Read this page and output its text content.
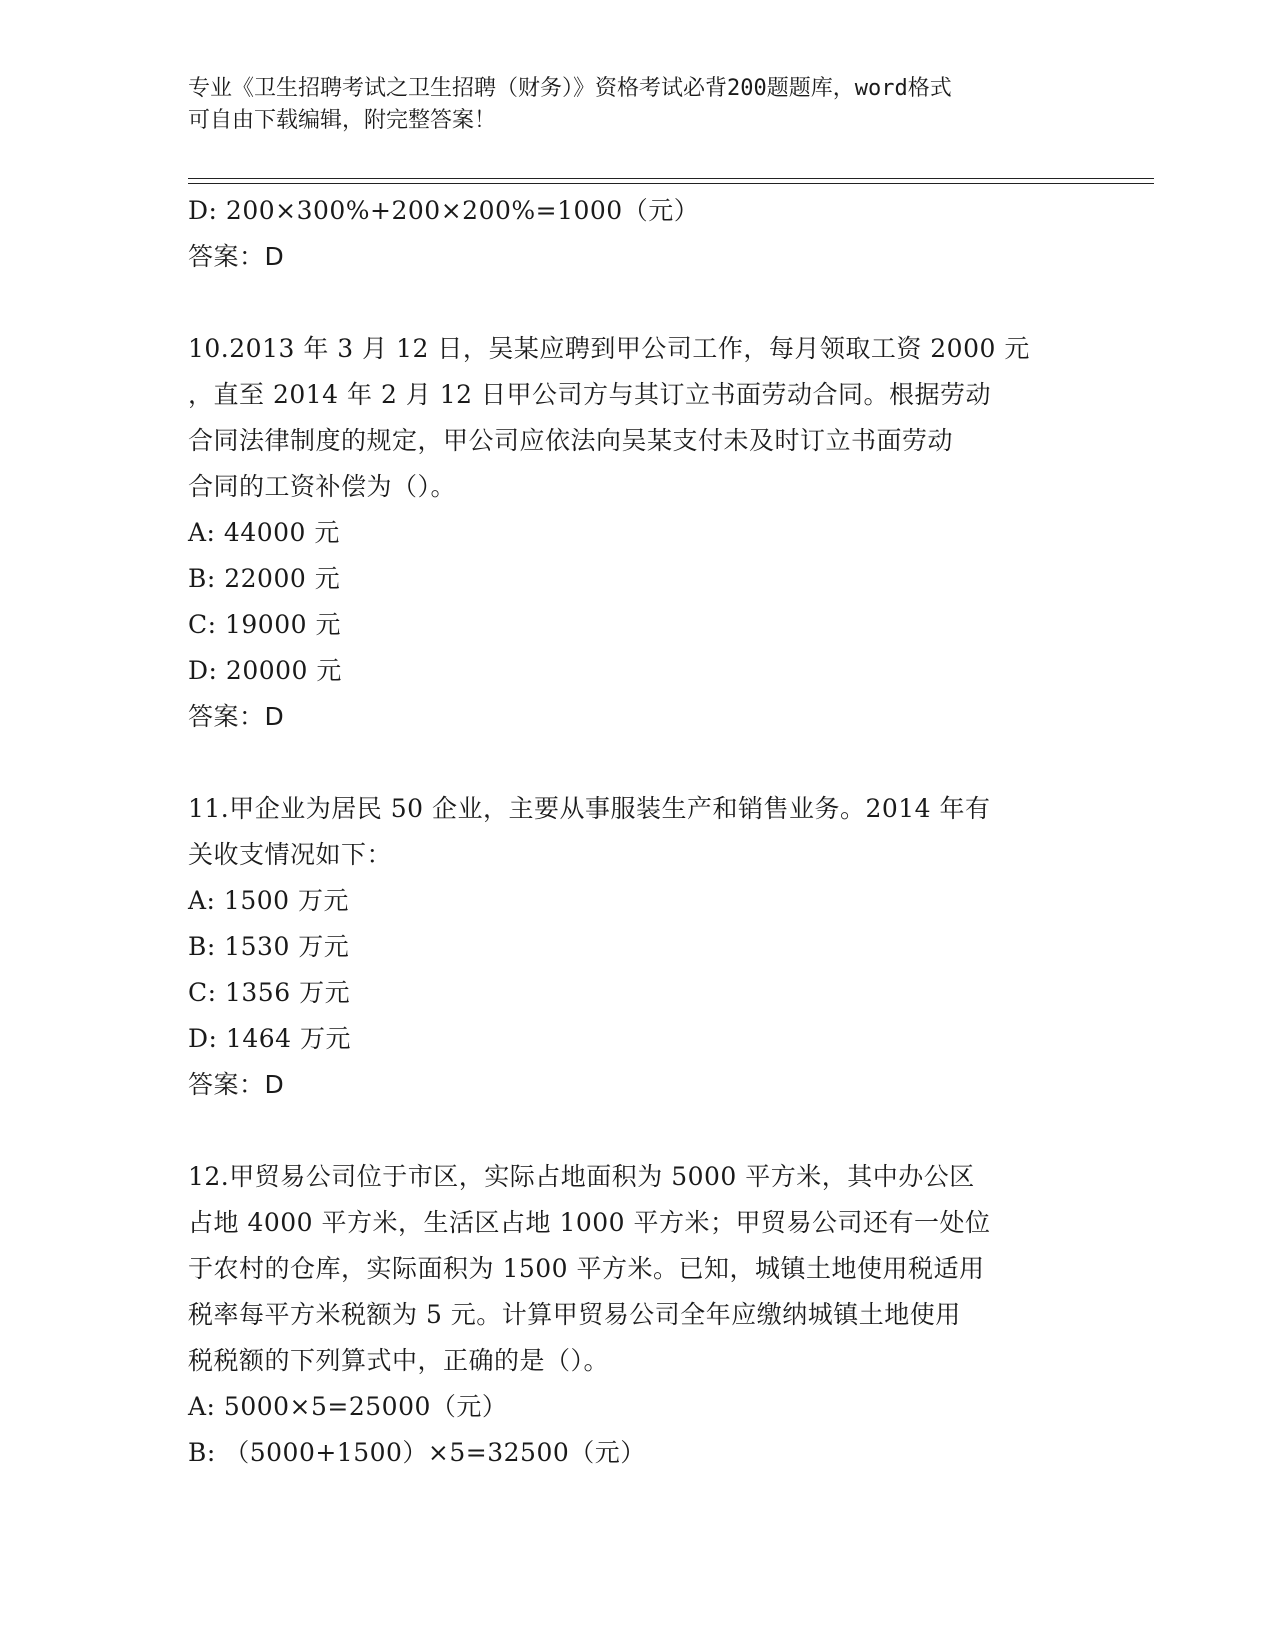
专业《卫生招聘考试之卫生招聘（财务）》资格考试必背200题题库，word格式
可自由下载编辑，附完整答案！
D: 200×300%+200×200%=1000（元）
答案：D
10.2013 年 3 月 12 日，吴某应聘到甲公司工作，每月领取工资 2000 元
，直至 2014 年 2 月 12 日甲公司方与其订立书面劳动合同。根据劳动
合同法律制度的规定，甲公司应依法向吴某支付未及时订立书面劳动
合同的工资补偿为（）。
A: 44000 元
B: 22000 元
C: 19000 元
D: 20000 元
答案：D
11.甲企业为居民 50 企业，主要从事服装生产和销售业务。2014 年有
关收支情况如下：
A: 1500 万元
B: 1530 万元
C: 1356 万元
D: 1464 万元
答案：D
12.甲贸易公司位于市区，实际占地面积为 5000 平方米，其中办公区
占地 4000 平方米，生活区占地 1000 平方米；甲贸易公司还有一处位
于农村的仓库，实际面积为 1500 平方米。已知，城镇土地使用税适用
税率每平方米税额为 5 元。计算甲贸易公司全年应缴纳城镇土地使用
税税额的下列算式中，正确的是（）。
A: 5000×5=25000（元）
B: （5000+1500）×5=32500（元）
